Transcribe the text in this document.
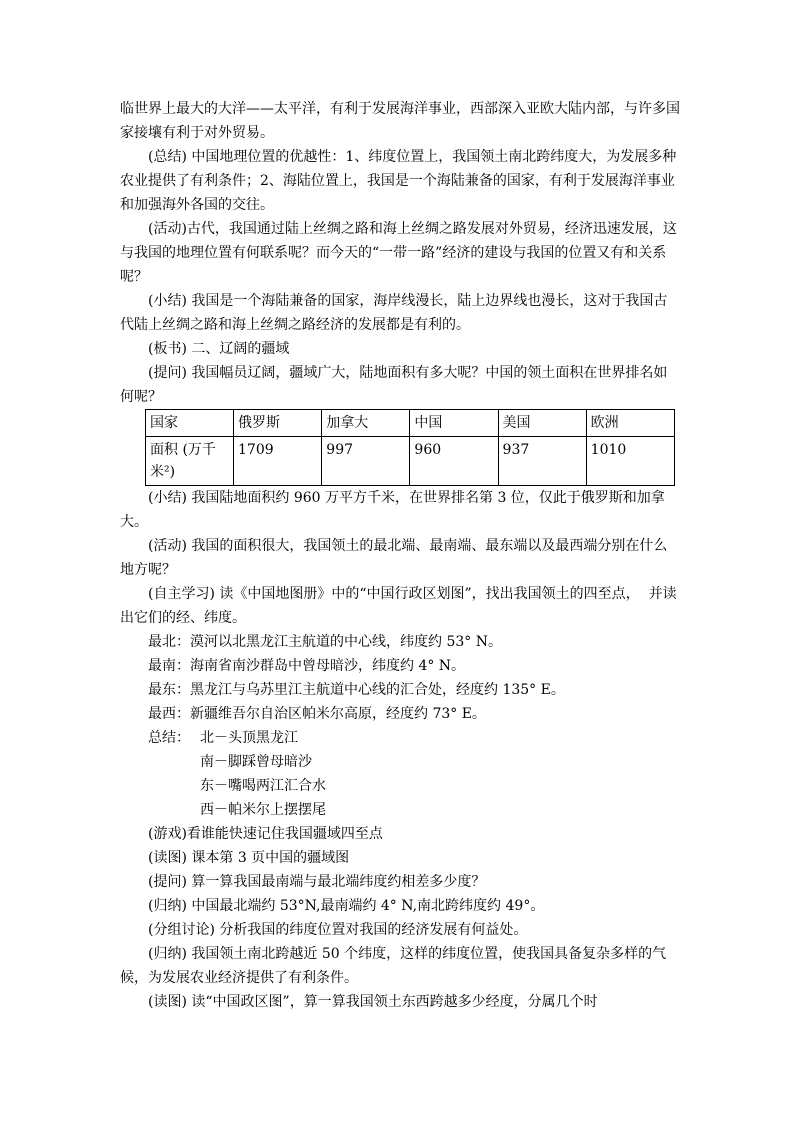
临世界上最大的大洋——太平洋，有利于发展海洋事业，西部深入亚欧大陆内部，与许多国家接壤有利于对外贸易。

(总结) 中国地理位置的优越性：1、纬度位置上，我国领土南北跨纬度大，为发展多种农业提供了有利条件；2、海陆位置上，我国是一个海陆兼备的国家，有利于发展海洋事业和加强海外各国的交往。

(活动)古代，我国通过陆上丝绸之路和海上丝绸之路发展对外贸易，经济迅速发展，这与我国的地理位置有何联系呢？而今天的“一带一路”经济的建设与我国的位置又有和关系呢？

(小结) 我国是一个海陆兼备的国家，海岸线漫长，陆上边界线也漫长，这对于我国古代陆上丝绸之路和海上丝绸之路经济的发展都是有利的。

(板书) 二、辽阔的疆域

(提问) 我国幅员辽阔，疆域广大，陆地面积有多大呢？中国的领土面积在世界排名如何呢？

国家	俄罗斯	加拿大	中国	美国	欧洲
面积 (万千米²)	1709	997	960	937	1010

(小结) 我国陆地面积约 960 万平方千米，在世界排名第 3 位，仅此于俄罗斯和加拿大。

(活动) 我国的面积很大，我国领土的最北端、最南端、最东端以及最西端分别在什么地方呢？

(自主学习) 读《中国地图册》中的“中国行政区划图”，找出我国领土的四至点，  并读出它们的经、纬度。

最北：漠河以北黑龙江主航道的中心线，纬度约 53° N。

最南：海南省南沙群岛中曾母暗沙，纬度约 4° N。

最东：黑龙江与乌苏里江主航道中心线的汇合处，经度约 135° E。

最西：新疆维吾尔自治区帕米尔高原，经度约 73° E。

总结： 北－头顶黑龙江

南－脚踩曾母暗沙

东－嘴喝两江汇合水

西－帕米尔上摆摆尾

(游戏)看谁能快速记住我国疆域四至点

(读图) 课本第 3 页中国的疆域图

(提问) 算一算我国最南端与最北端纬度约相差多少度？

(归纳) 中国最北端约 53°N,最南端约 4° N,南北跨纬度约 49°。

(分组讨论) 分析我国的纬度位置对我国的经济发展有何益处。

(归纳) 我国领土南北跨越近 50 个纬度，这样的纬度位置，使我国具备复杂多样的气候，为发展农业经济提供了有利条件。

(读图) 读“中国政区图”，算一算我国领土东西跨越多少经度，分属几个时
